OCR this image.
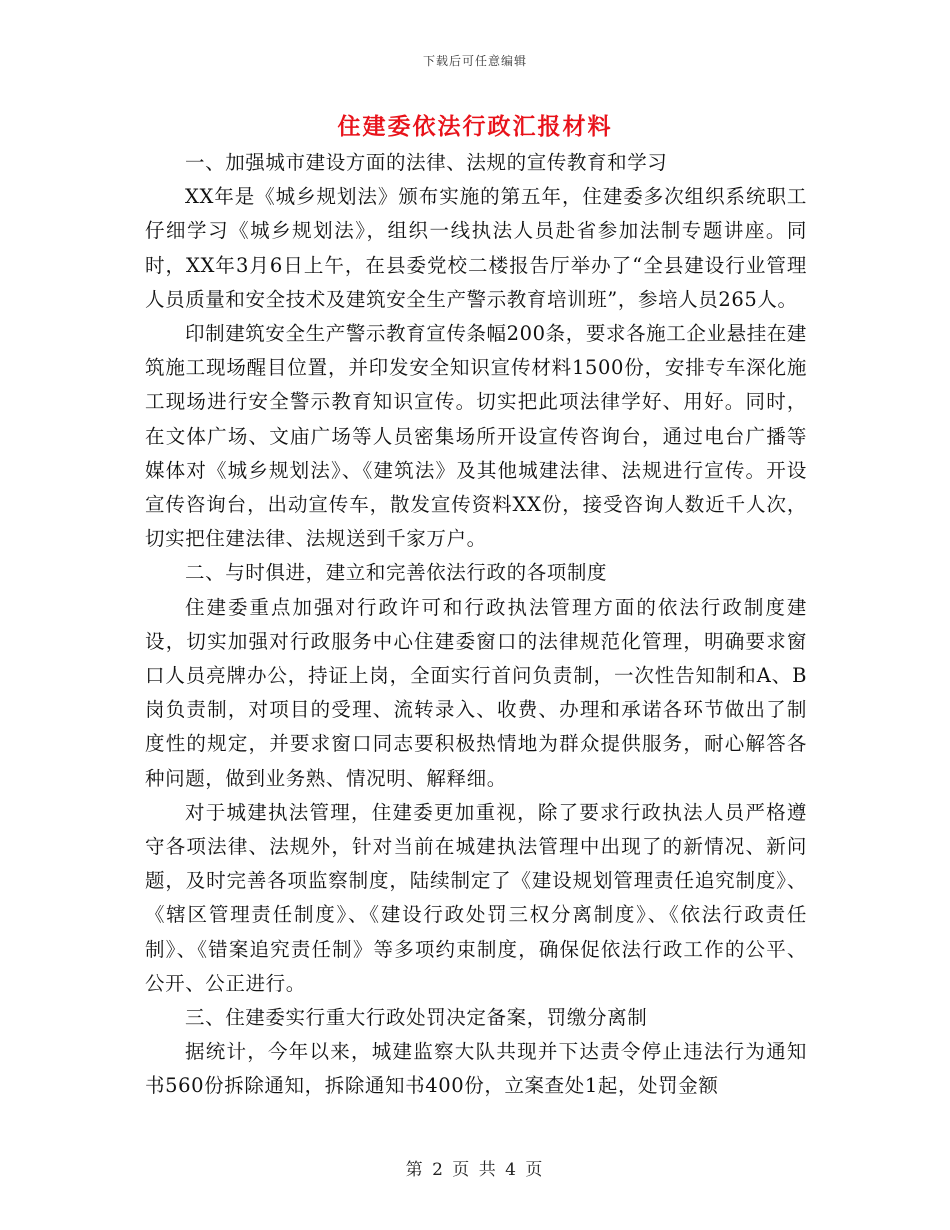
下载后可任意编辑
住建委依法行政汇报材料

一、加强城市建设方面的法律、法规的宣传教育和学习

XX年是《城乡规划法》颁布实施的第五年，住建委多次组织系统职工仔细学习《城乡规划法》，组织一线执法人员赴省参加法制专题讲座。同时，XX年3月6日上午，在县委党校二楼报告厅举办了“全县建设行业管理人员质量和安全技术及建筑安全生产警示教育培训班”，参培人员265人。

印制建筑安全生产警示教育宣传条幅200条，要求各施工企业悬挂在建筑施工现场醒目位置，并印发安全知识宣传材料1500份，安排专车深化施工现场进行安全警示教育知识宣传。切实把此项法律学好、用好。同时，在文体广场、文庙广场等人员密集场所开设宣传咨询台，通过电台广播等媒体对《城乡规划法》、《建筑法》及其他城建法律、法规进行宣传。开设宣传咨询台，出动宣传车，散发宣传资料XX份，接受咨询人数近千人次，切实把住建法律、法规送到千家万户。

二、与时俱进，建立和完善依法行政的各项制度

住建委重点加强对行政许可和行政执法管理方面的依法行政制度建设，切实加强对行政服务中心住建委窗口的法律规范化管理，明确要求窗口人员亮牌办公，持证上岗，全面实行首问负责制，一次性告知制和A、B岗负责制，对项目的受理、流转录入、收费、办理和承诺各环节做出了制度性的规定，并要求窗口同志要积极热情地为群众提供服务，耐心解答各种问题，做到业务熟、情况明、解释细。

对于城建执法管理，住建委更加重视，除了要求行政执法人员严格遵守各项法律、法规外，针对当前在城建执法管理中出现了的新情况、新问题，及时完善各项监察制度，陆续制定了《建设规划管理责任追究制度》、《辖区管理责任制度》、《建设行政处罚三权分离制度》、《依法行政责任制》、《错案追究责任制》等多项约束制度，确保促依法行政工作的公平、公开、公正进行。

三、住建委实行重大行政处罚决定备案，罚缴分离制

据统计，今年以来，城建监察大队共现并下达责令停止违法行为通知书560份拆除通知，拆除通知书400份，立案查处1起，处罚金额

第 2 页 共 4 页
